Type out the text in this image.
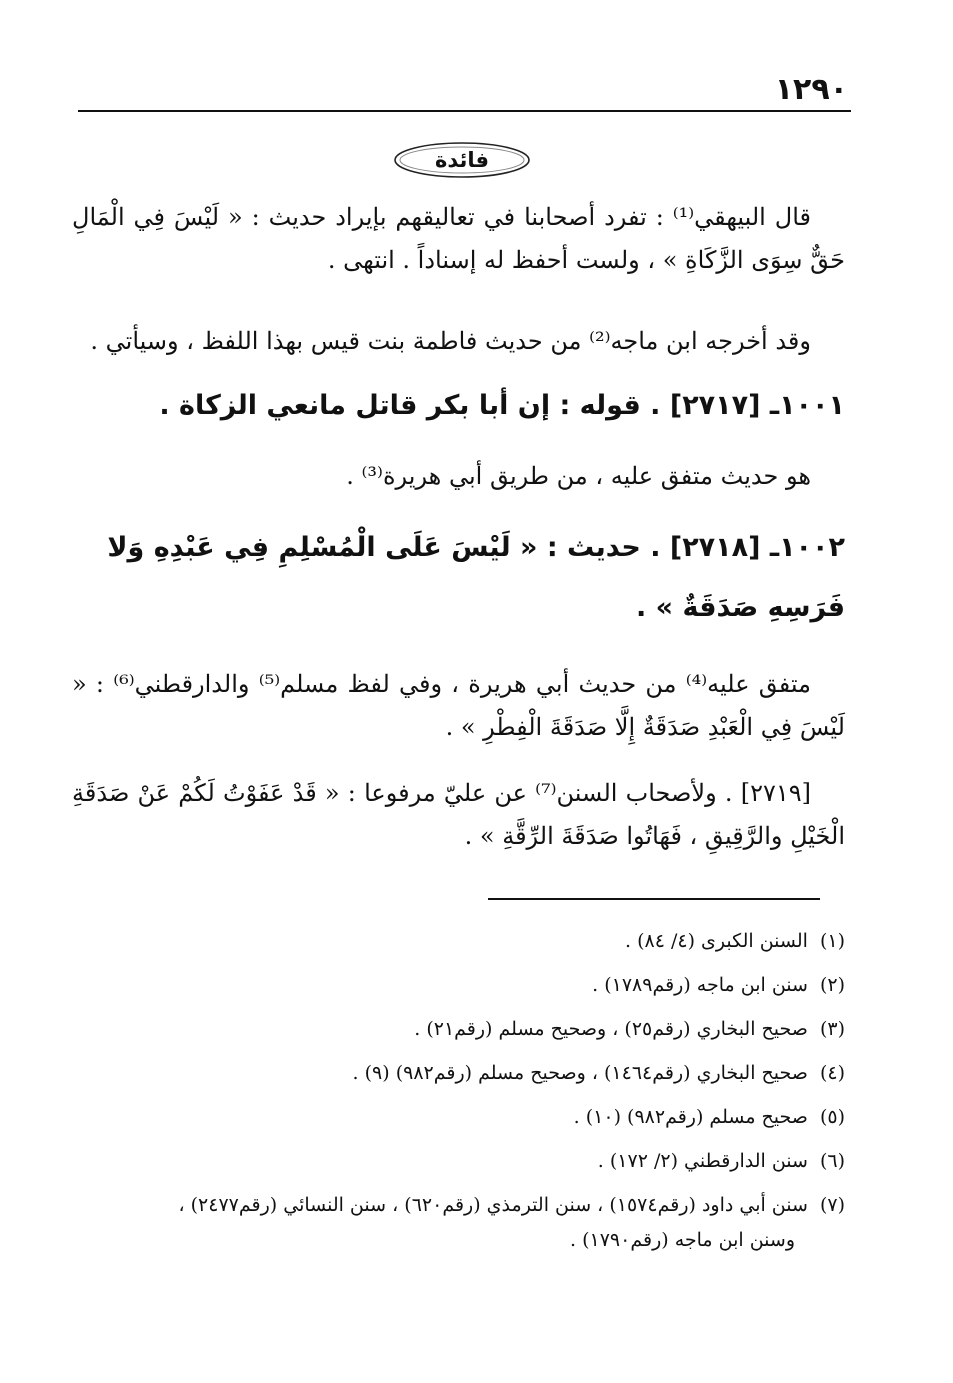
١٢٩٠
فائدة
قال البيهقي⁽¹⁾ : تفرد أصحابنا في تعاليقهم بإيراد حديث : « لَيْسَ فِي الْمَالِ حَقٌّ سِوَى الزَّكَاةِ » ، ولست أحفظ له إسناداً . انتهى .
وقد أخرجه ابن ماجه⁽²⁾ من حديث فاطمة بنت قيس بهذا اللفظ ، وسيأتي .
١٠٠١ـ [٢٧١٧] . قوله : إن أبا بكر قاتل مانعي الزكاة .
هو حديث متفق عليه ، من طريق أبي هريرة⁽³⁾ .
١٠٠٢ـ [٢٧١٨] . حديث : « لَيْسَ عَلَى الْمُسْلِمِ فِي عَبْدِهِ وَلا فَرَسِهِ صَدَقَةٌ » .
متفق عليه⁽⁴⁾ من حديث أبي هريرة ، وفي لفظ مسلم⁽⁵⁾ والدارقطني⁽⁶⁾ : « لَيْسَ فِي الْعَبْدِ صَدَقَةٌ إِلَّا صَدَقَةَ الْفِطْرِ » .
[٢٧١٩] . ولأصحاب السنن⁽⁷⁾ عن عليّ مرفوعا : « قَدْ عَفَوْتُ لَكُمْ عَنْ صَدَقَةِ الْخَيْلِ والرَّقِيقِ ، فَهَاتُوا صَدَقَةَ الرِّقَّةِ » .
(١)السنن الكبرى (٤/ ٨٤) .
(٢)سنن ابن ماجه (رقم١٧٨٩) .
(٣)صحيح البخاري (رقم٢٥) ، وصحيح مسلم (رقم٢١) .
(٤)صحيح البخاري (رقم١٤٦٤) ، وصحيح مسلم (رقم٩٨٢) (٩) .
(٥)صحيح مسلم (رقم٩٨٢) (١٠) .
(٦)سنن الدارقطني (٢/ ١٧٢) .
(٧)سنن أبي داود (رقم١٥٧٤) ، سنن الترمذي (رقم٦٢٠) ، سنن النسائي (رقم٢٤٧٧) ،
وسنن ابن ماجه (رقم١٧٩٠) .
